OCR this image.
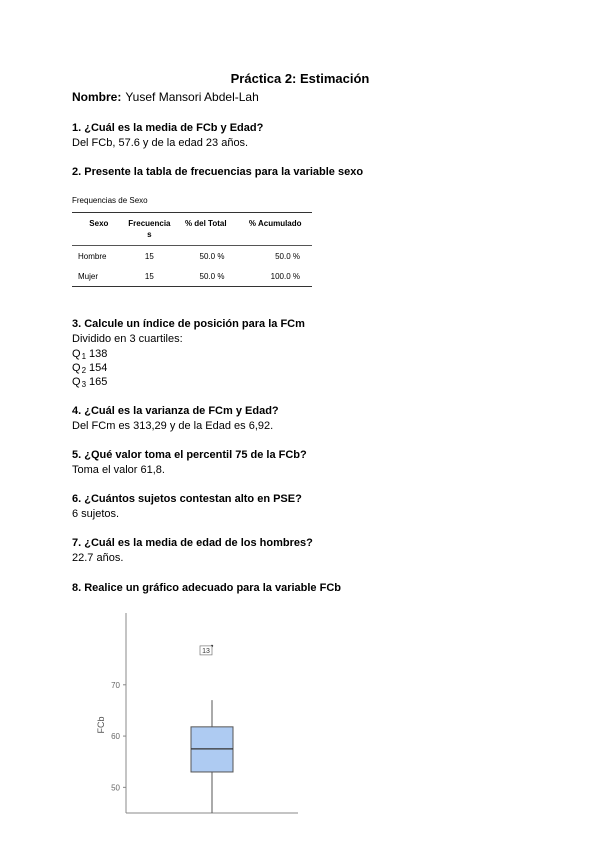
Práctica 2: Estimación
Nombre: Yusef Mansori Abdel-Lah
1. ¿Cuál es la media de FCb y Edad?
Del FCb, 57.6 y de la edad 23 años.
2. Presente la tabla de frecuencias para la variable sexo
Frequencias de Sexo
Sexo	Frecuencias	% del Total	% Acumulado
Hombre	15	50.0 %	50.0 %
Mujer	15	50.0 %	100.0 %
3. Calcule un índice de posición para la FCm
Dividido en 3 cuartiles:
$Q_1$ 138
$Q_2$ 154
$Q_3$ 165
4. ¿Cuál es la varianza de FCm y Edad?
Del FCm es 313,29 y de la Edad es 6,92.
5. ¿Qué valor toma el percentil 75 de la FCb?
Toma el valor 61,8.
6. ¿Cuántos sujetos contestan alto en PSE?
6 sujetos.
7. ¿Cuál es la media de edad de los hombres?
22.7 años.
8. Realice un gráfico adecuado para la variable FCb
50
60
70
FCb
13
